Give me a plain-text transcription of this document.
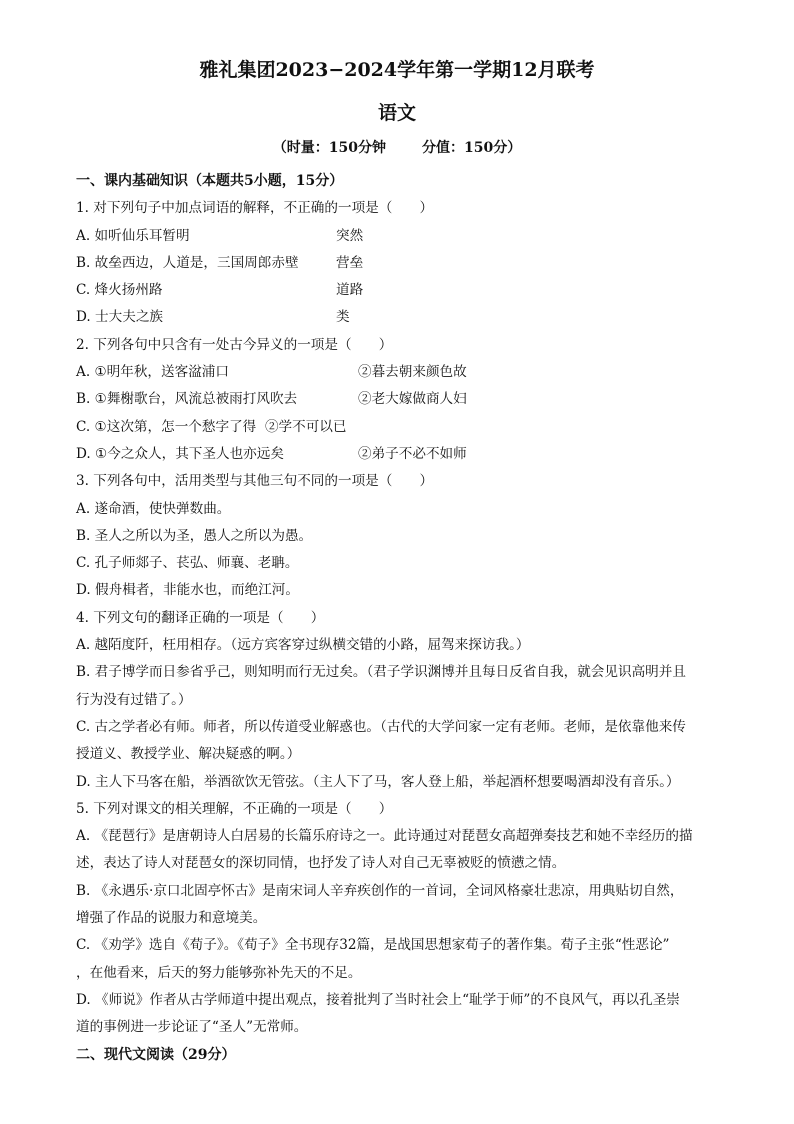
雅礼集团2023−2024学年第一学期12月联考
语文
（时量：150分钟	分值：150分）
一、课内基础知识（本题共5小题，15分）
1. 对下列句子中加点词语的解释，不正确的一项是（　　）
A. 如听仙乐耳暂明	突然
B. 故垒西边，人道是，三国周郎赤壁	营垒
C. 烽火扬州路	道路
D. 士大夫之族	类
2. 下列各句中只含有一处古今异义的一项是（　　）
A. ①明年秋，送客湓浦口	②暮去朝来颜色故
B. ①舞榭歌台，风流总被雨打风吹去	②老大嫁做商人妇
C. ①这次第，怎一个愁字了得 ②学不可以已
D. ①今之众人，其下圣人也亦远矣	②弟子不必不如师
3. 下列各句中，活用类型与其他三句不同的一项是（　　）
A. 遂命酒，使快弹数曲。
B. 圣人之所以为圣，愚人之所以为愚。
C. 孔子师郯子、苌弘、师襄、老聃。
D. 假舟楫者，非能水也，而绝江河。
4. 下列文句的翻译正确的一项是（　　）
A. 越陌度阡，枉用相存。（远方宾客穿过纵横交错的小路，屈驾来探访我。）
B. 君子博学而日参省乎己，则知明而行无过矣。（君子学识渊博并且每日反省自我，就会见识高明并且
行为没有过错了。）
C. 古之学者必有师。师者，所以传道受业解惑也。（古代的大学问家一定有老师。老师，是依靠他来传
授道义、教授学业、解决疑惑的啊。）
D. 主人下马客在船，举酒欲饮无管弦。（主人下了马，客人登上船，举起酒杯想要喝酒却没有音乐。）
5. 下列对课文的相关理解，不正确的一项是（　　）
A. 《琵琶行》是唐朝诗人白居易的长篇乐府诗之一。此诗通过对琵琶女高超弹奏技艺和她不幸经历的描
述，表达了诗人对琵琶女的深切同情，也抒发了诗人对自己无辜被贬的愤懑之情。
B. 《永遇乐·京口北固亭怀古》是南宋词人辛弃疾创作的一首词，全词风格豪壮悲凉，用典贴切自然，
增强了作品的说服力和意境美。
C. 《劝学》选自《荀子》。《荀子》全书现存32篇，是战国思想家荀子的著作集。荀子主张“性恶论”
，在他看来，后天的努力能够弥补先天的不足。
D. 《师说》作者从古学师道中提出观点，接着批判了当时社会上“耻学于师”的不良风气，再以孔圣崇
道的事例进一步论证了“圣人”无常师。
二、现代文阅读（29分）
